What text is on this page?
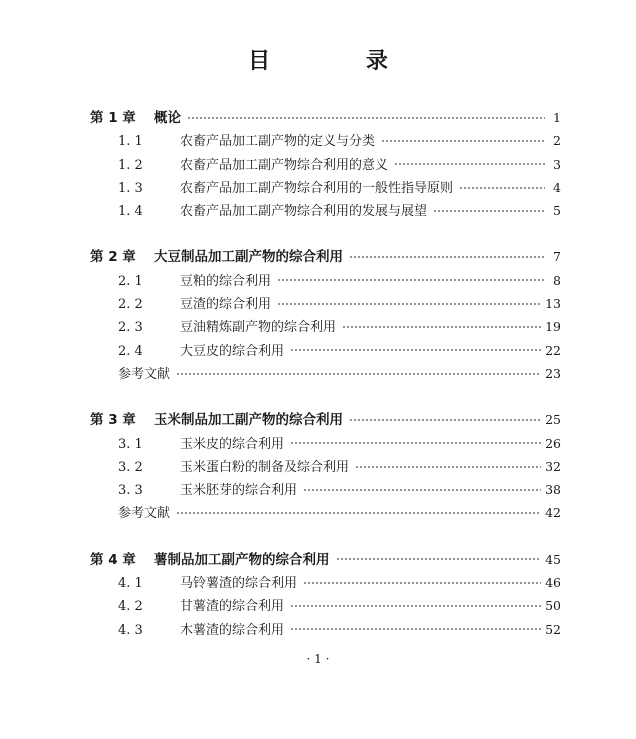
目 录
第 1 章	概论	1
1. 1	农畜产品加工副产物的定义与分类	2
1. 2	农畜产品加工副产物综合利用的意义	3
1. 3	农畜产品加工副产物综合利用的一般性指导原则	4
1. 4	农畜产品加工副产物综合利用的发展与展望	5
第 2 章	大豆制品加工副产物的综合利用	7
2. 1	豆粕的综合利用	8
2. 2	豆渣的综合利用	13
2. 3	豆油精炼副产物的综合利用	19
2. 4	大豆皮的综合利用	22
参考文献	23
第 3 章	玉米制品加工副产物的综合利用	25
3. 1	玉米皮的综合利用	26
3. 2	玉米蛋白粉的制备及综合利用	32
3. 3	玉米胚芽的综合利用	38
参考文献	42
第 4 章	薯制品加工副产物的综合利用	45
4. 1	马铃薯渣的综合利用	46
4. 2	甘薯渣的综合利用	50
4. 3	木薯渣的综合利用	52
· 1 ·
